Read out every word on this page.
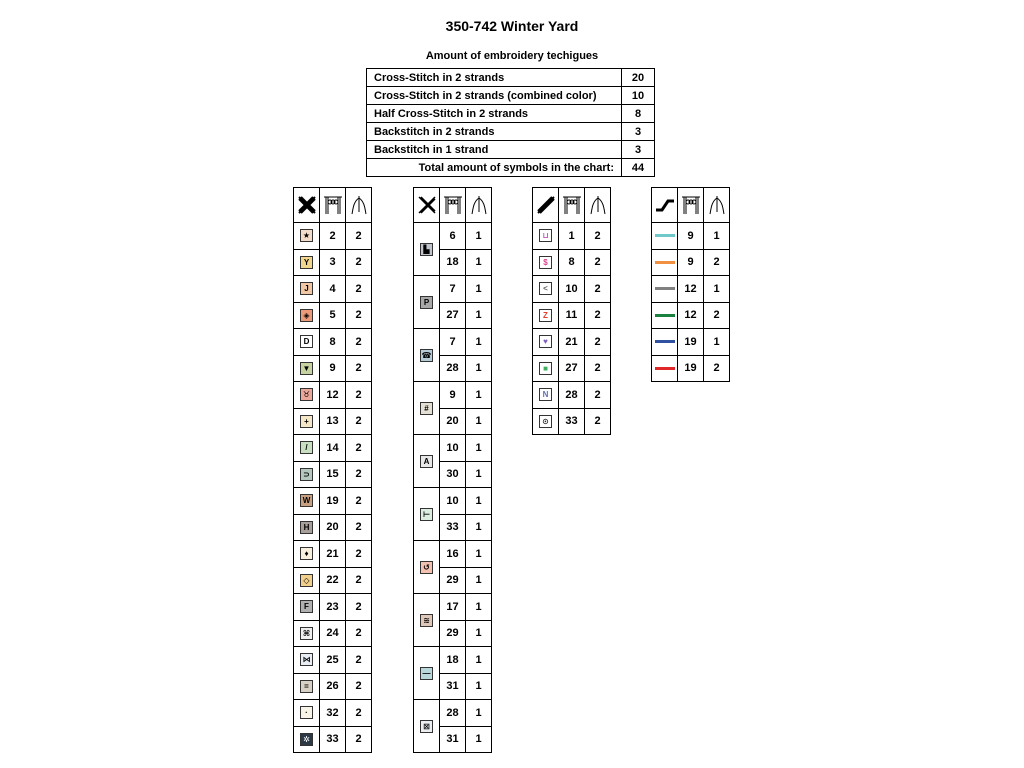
350-742 Winter Yard
Amount of embroidery techigues
Cross-Stitch in 2 strands	20
Cross-Stitch in 2 strands (combined color)	10
Half Cross-Stitch in 2 strands	8
Backstitch in 2 strands	3
Backstitch in 1 strand	3
Total amount of symbols in the chart:	44

★	2	2
Y	3	2
J	4	2
◈	5	2
D	8	2
▼	9	2
♉	12	2
+	13	2
/	14	2
⊃	15	2
W	19	2
H	20	2
♦	21	2
◇	22	2
F	23	2
⌘	24	2
⋈	25	2
=	26	2
·	32	2
✲	33	2

▙	6	1
	18	1
P	7	1
	27	1
☎	7	1
	28	1
#	9	1
	20	1
A	10	1
	30	1
⊢	10	1
	33	1
↺	16	1
	29	1
≋	17	1
	29	1
—	18	1
	31	1
⊠	28	1
	31	1

⊔	1	2
$	8	2
<	10	2
Z	11	2
♥	21	2
■	27	2
N	28	2
⊙	33	2

	9	1
	9	2
	12	1
	12	2
	19	1
	19	2
